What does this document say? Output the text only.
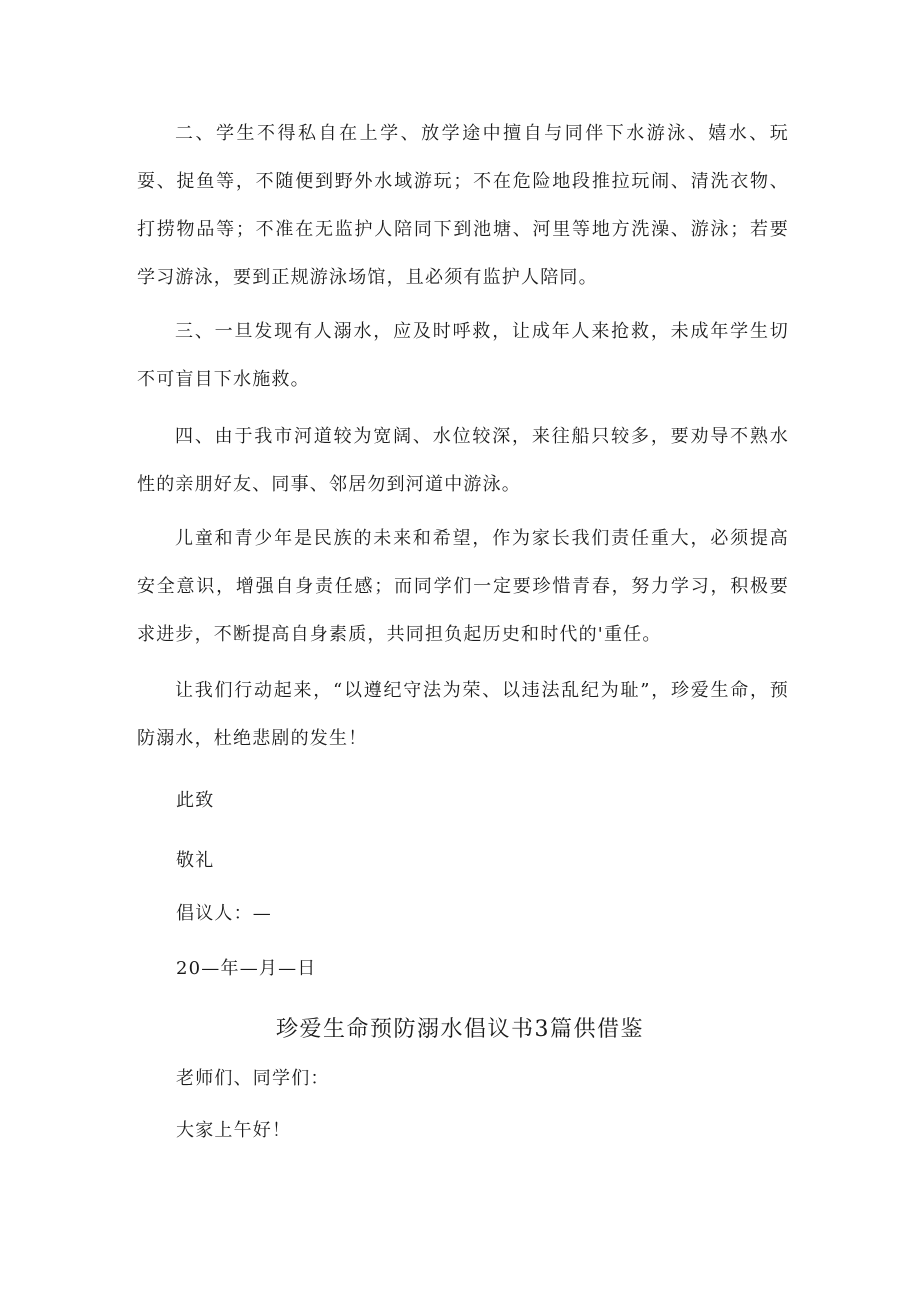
二、学生不得私自在上学、放学途中擅自与同伴下水游泳、嬉水、玩耍、捉鱼等，不随便到野外水域游玩；不在危险地段推拉玩闹、清洗衣物、打捞物品等；不准在无监护人陪同下到池塘、河里等地方洗澡、游泳；若要学习游泳，要到正规游泳场馆，且必须有监护人陪同。

三、一旦发现有人溺水，应及时呼救，让成年人来抢救，未成年学生切不可盲目下水施救。

四、由于我市河道较为宽阔、水位较深，来往船只较多，要劝导不熟水性的亲朋好友、同事、邻居勿到河道中游泳。

儿童和青少年是民族的未来和希望，作为家长我们责任重大，必须提高安全意识，增强自身责任感；而同学们一定要珍惜青春，努力学习，积极要求进步，不断提高自身素质，共同担负起历史和时代的'重任。

让我们行动起来，“以遵纪守法为荣、以违法乱纪为耻”，珍爱生命，预防溺水，杜绝悲剧的发生！

此致
敬礼
倡议人：—
20—年—月—日
珍爱生命预防溺水倡议书3篇供借鉴
老师们、同学们：
大家上午好！
